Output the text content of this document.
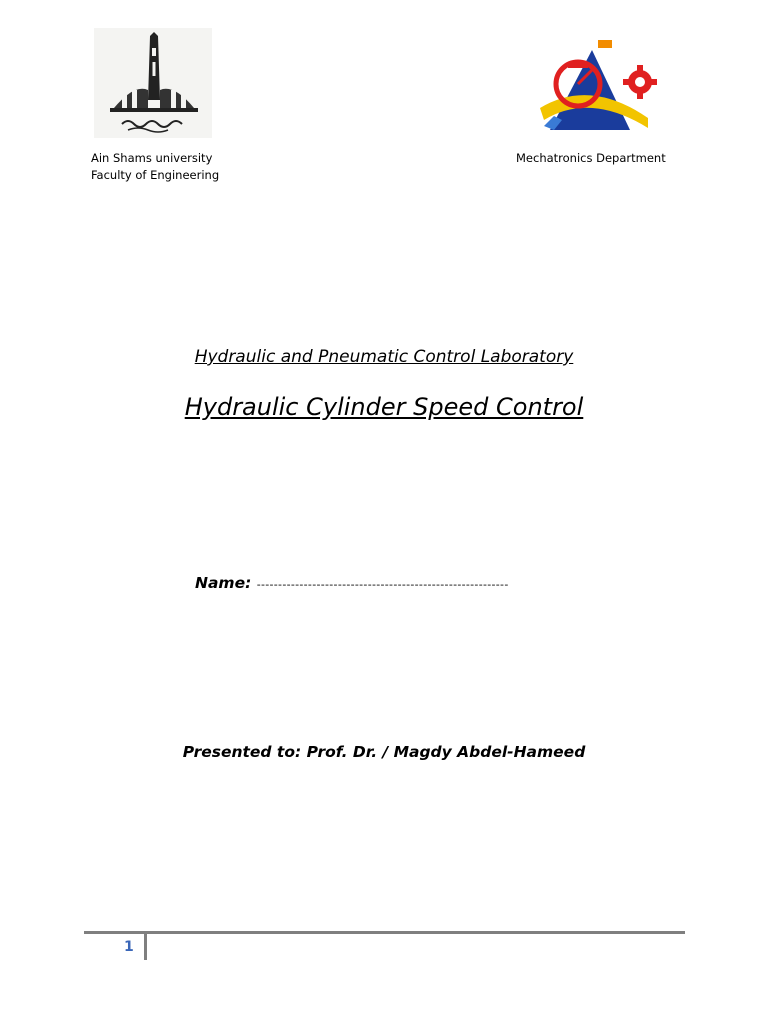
Ain Shams university
Faculty of Engineering
Mechatronics Department
Hydraulic and Pneumatic Control Laboratory
Hydraulic Cylinder Speed Control
Name: -----------------------------------------------------------
Presented to: Prof. Dr. / Magdy Abdel-Hameed
1
